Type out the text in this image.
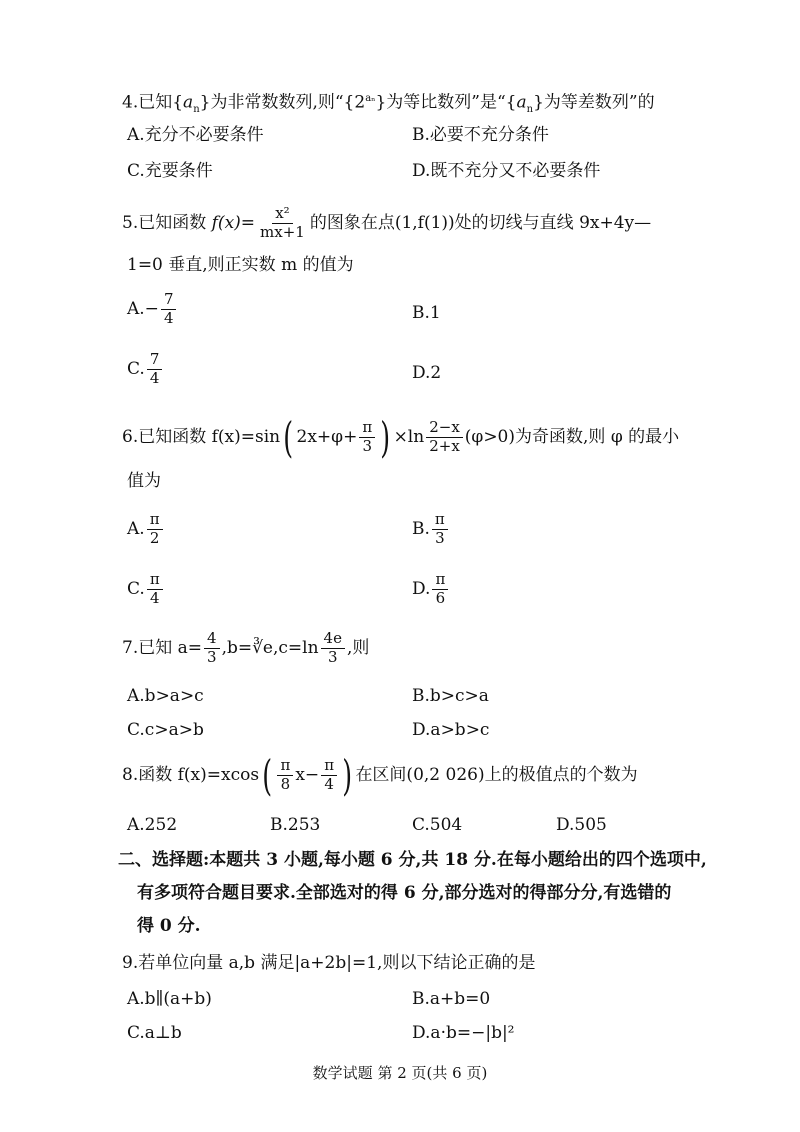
4.已知$\{a_n\}$为非常数数列,则“$\{2^{a_n}\}$为等比数列”是“$\{a_n\}$为等差数列”的
A.充分不必要条件	B.必要不充分条件
C.充要条件	D.既不充分又不必要条件
5.已知函数 $f(x)= \frac{\text{x²}}{mx+1}$ 的图象在点(1,f(1))处的切线与直线 9x+4y—
1=0 垂直,则正实数 m 的值为
$A.- \frac{7}{4}$	B.1
C. $\frac{7}{4}$	D.2
6.已知函数 f(x)=sin( $2x+\varphi+ \frac{\pi}{3}$ ) $\times\ln \frac{2-x}{2+x} (\varphi>0)$为奇函数,则 φ 的最小
值为
A. $\frac{\pi}{2}$	B. $\frac{\pi}{3}$
C. $\frac{\pi}{4}$	D. $\frac{\pi}{6}$
7.已知 $a= \frac{4}{3}$ ,b=∛e,c=ln $\frac{4e}{3}$ ,则
A.b>a>c	B.b>c>a
C.c>a>b	D.a>b>c
8.函数 $f(x)=xcos( \frac{\pi}{8} x- \frac{\pi}{4}$ ) 在区间(0,2 026)上的极值点的个数为
A.252	B.253	C.504	D.505
二、选择题:本题共 3 小题,每小题 6 分,共 18 分.在每小题给出的四个选项中,
有多项符合题目要求.全部选对的得 6 分,部分选对的得部分分,有选错的
得 0 分.
9.若单位向量 a,b 满足|a+2b|=1,则以下结论正确的是
A.b∥(a+b)	B.a+b=0
C.a⊥b	D.a·b=−|b|²
数学试题 第 2 页(共 6 页)
